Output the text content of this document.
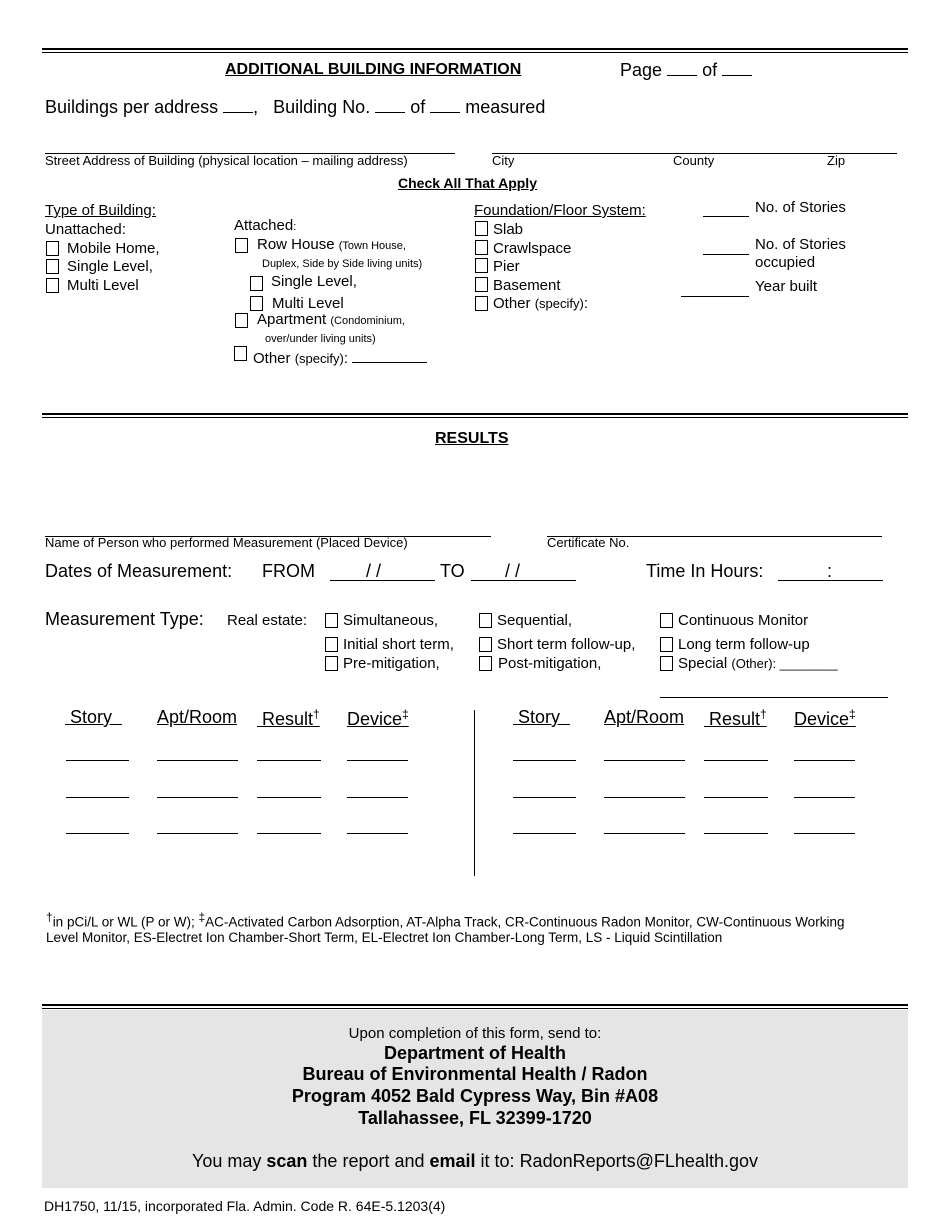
ADDITIONAL BUILDING INFORMATION	Page of
Buildings per address ,   Building No. of measured
Street Address of Building (physical location – mailing address)	City	County	Zip
Check All That Apply
Type of Building:
Unattached:
Mobile Home,
Single Level,
Multi Level
Attached:
Row House (Town House,
Duplex, Side by Side living units)
Single Level,
Multi Level
Apartment (Condominium,
over/under living units)
Other (specify):
Foundation/Floor System:
Slab
Crawlspace
Pier
Basement
Other (specify):
No. of Stories
No. of Stories
occupied
Year built
RESULTS
Name of Person who performed Measurement (Placed Device)	Certificate No.
Dates of Measurement: FROM	/ /	TO / /	Time In Hours:	:
Measurement Type: Real estate: Simultaneous,
Initial short term,
Pre-mitigation,
Sequential,
Short term follow-up,
Post-mitigation,
Continuous Monitor
Long term follow-up
Special (Other): ________
Story	Apt/Room Result† Device‡	Story	Apt/Room Result† Device‡
†in pCi/L or WL (P or W); ‡AC-Activated Carbon Adsorption, AT-Alpha Track, CR-Continuous Radon Monitor, CW-Continuous Working
Level Monitor, ES-Electret Ion Chamber-Short Term, EL-Electret Ion Chamber-Long Term, LS - Liquid Scintillation
Upon completion of this form, send to:
Department of Health
Bureau of Environmental Health / Radon
Program 4052 Bald Cypress Way, Bin #A08
Tallahassee, FL 32399-1720
You may scan the report and email it to: RadonReports@FLhealth.gov
DH1750, 11/15, incorporated Fla. Admin. Code R. 64E-5.1203(4)
